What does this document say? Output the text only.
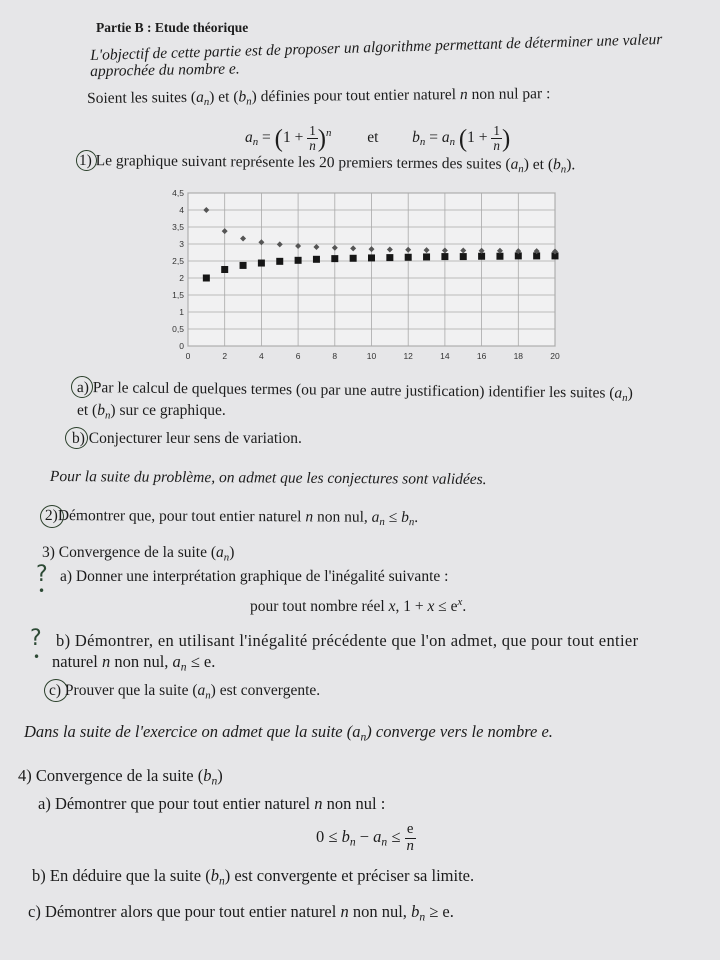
Partie B : Etude théorique
L'objectif de cette partie est de proposer un algorithme permettant de déterminer une valeur
approchée du nombre e.
Soient les suites $(a_n)$ et $(b_n)$ définies pour tout entier naturel n non nul par :
$a_n = (1 + \frac{1}{n} )^n$ et $b_n = a_n$ ($1 + \frac{1}{n}$ )
1) Le graphique suivant représente les 20 premiers termes des suites $(a_n)$ et $(b_n)$.
0
0,5
1
1,5
2
2,5
3
3,5
4
4,5
0	2	4	6	8	10	12	14	16	18	20
a) Par le calcul de quelques termes (ou par une autre justification) identifier les suites $(a_n)$
et $(b_n)$ sur ce graphique.
b) Conjecturer leur sens de variation.
Pour la suite du problème, on admet que les conjectures sont validées.
2)Démontrer que, pour tout entier naturel n non nul, $a_n \le b_n$.
3) Convergence de la suite $(a_n)$
?
•
a) Donner une interprétation graphique de l'inégalité suivante :
pour tout nombre réel x, $1 + x \le e^x$.
?
•
b) Démontrer, en utilisant l'inégalité précédente que l'on admet, que pour tout entier
naturel n non nul, $a_n \le e$.
c) Prouver que la suite $(a_n)$ est convergente.
Dans la suite de l'exercice on admet que la suite $(a_n)$ converge vers le nombre e.
4) Convergence de la suite $(b_n)$
a) Démontrer que pour tout entier naturel n non nul :
$0 \le b_n - a_n \le \frac{e}{n}$
b) En déduire que la suite $(b_n)$ est convergente et préciser sa limite.
c) Démontrer alors que pour tout entier naturel n non nul, $b_n \ge e$.
